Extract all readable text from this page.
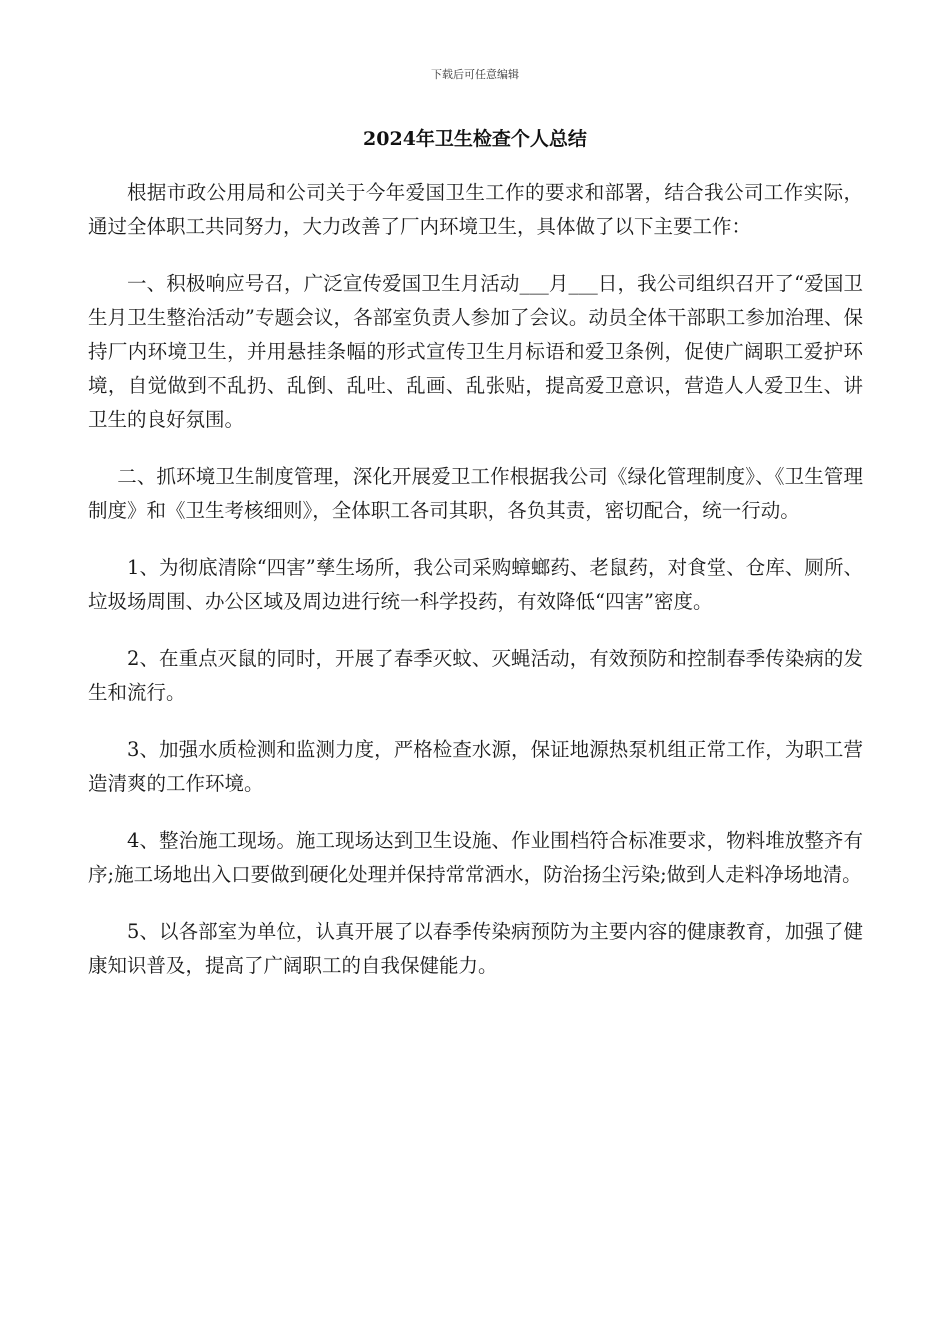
下载后可任意编辑
2024年卫生检查个人总结

根据市政公用局和公司关于今年爱国卫生工作的要求和部署，结合我公司工作实际，通过全体职工共同努力，大力改善了厂内环境卫生，具体做了以下主要工作：

一、积极响应号召，广泛宣传爱国卫生月活动___月___日，我公司组织召开了“爱国卫生月卫生整治活动”专题会议，各部室负责人参加了会议。动员全体干部职工参加治理、保持厂内环境卫生，并用悬挂条幅的形式宣传卫生月标语和爱卫条例，促使广阔职工爱护环境，自觉做到不乱扔、乱倒、乱吐、乱画、乱张贴，提高爱卫意识，营造人人爱卫生、讲卫生的良好氛围。

二、抓环境卫生制度管理，深化开展爱卫工作根据我公司《绿化管理制度》、《卫生管理制度》和《卫生考核细则》，全体职工各司其职，各负其责，密切配合，统一行动。

1、为彻底清除“四害”孳生场所，我公司采购蟑螂药、老鼠药，对食堂、仓库、厕所、垃圾场周围、办公区域及周边进行统一科学投药，有效降低“四害”密度。

2、在重点灭鼠的同时，开展了春季灭蚊、灭蝇活动，有效预防和控制春季传染病的发生和流行。

3、加强水质检测和监测力度，严格检查水源，保证地源热泵机组正常工作，为职工营造清爽的工作环境。

4、整治施工现场。施工现场达到卫生设施、作业围档符合标准要求，物料堆放整齐有序;施工场地出入口要做到硬化处理并保持常常洒水，防治扬尘污染;做到人走料净场地清。

5、以各部室为单位，认真开展了以春季传染病预防为主要内容的健康教育，加强了健康知识普及，提高了广阔职工的自我保健能力。
